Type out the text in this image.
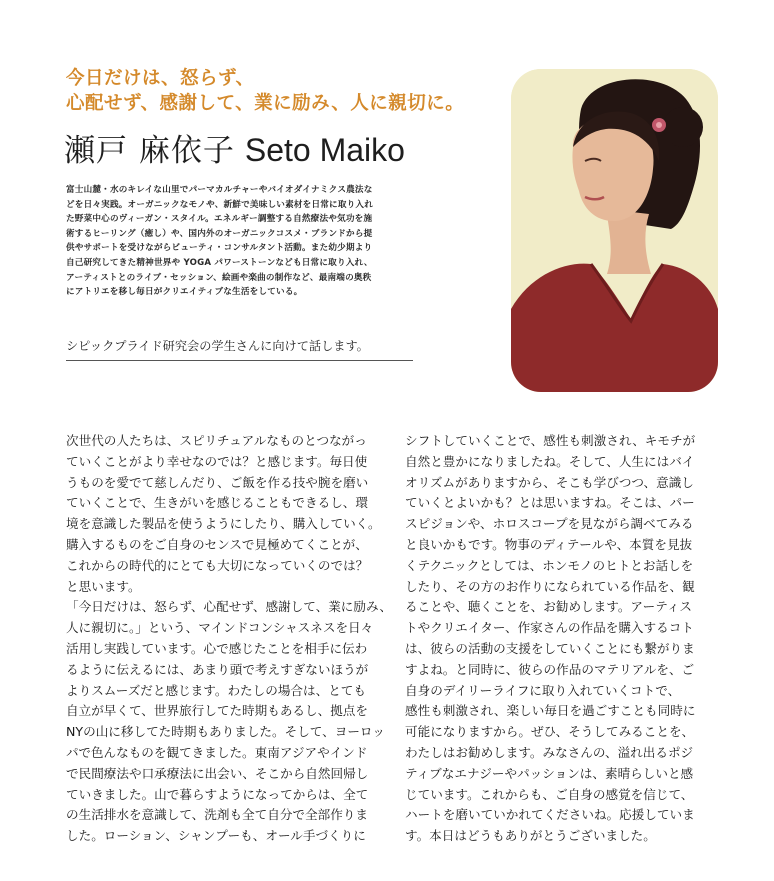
今日だけは、怒らず、
心配せず、感謝して、業に励み、人に親切に。
瀬戸 麻依子 Seto Maiko
富士山麓・水のキレイな山里でパーマカルチャーやバイオダイナミクス農法な
どを日々実践。オーガニックなモノや、新鮮で美味しい素材を日常に取り入れ
た野菜中心のヴィーガン・スタイル。エネルギー調整する自然療法や気功を施
術するヒーリング（癒し）や、国内外のオーガニックコスメ・ブランドから提
供やサポートを受けながらビューティ・コンサルタント活動。また幼少期より
自己研究してきた精神世界や YOGA パワーストーンなども日常に取り入れ、
アーティストとのライブ・セッション、絵画や楽曲の制作など、最南端の奥秩
にアトリエを移し毎日がクリエイティブな生活をしている。
シピックプライド研究会の学生さんに向けて話します。
次世代の人たちは、スピリチュアルなものとつながっ
ていくことがより幸せなのでは？と感じます。毎日使
うものを愛でて慈しんだり、ご飯を作る技や腕を磨い
ていくことで、生きがいを感じることもできるし、環
境を意識した製品を使うようにしたり、購入していく。
購入するものをご自身のセンスで見極めてくことが、
これからの時代的にとても大切になっていくのでは？
と思います。
「今日だけは、怒らず、心配せず、感謝して、業に励み、
人に親切に。」という、マインドコンシャスネスを日々
活用し実践しています。心で感じたことを相手に伝わ
るように伝えるには、あまり頭で考えすぎないほうが
よりスムーズだと感じます。わたしの場合は、とても
自立が早くて、世界旅行してた時期もあるし、拠点を
NYの山に移してた時期もありました。そして、ヨーロッ
パで色んなものを観てきました。東南アジアやインド
で民間療法や口承療法に出会い、そこから自然回帰し
ていきました。山で暮らすようになってからは、全て
の生活排水を意識して、洗剤も全て自分で全部作りま
した。ローション、シャンプーも、オール手づくりに
シフトしていくことで、感性も刺激され、キモチが
自然と豊かになりましたね。そして、人生にはバイ
オリズムがありますから、そこも学びつつ、意識し
ていくとよいかも？とは思いますね。そこは、パー
スピジョンや、ホロスコープを見ながら調べてみる
と良いかもです。物事のディテールや、本質を見抜
くテクニックとしては、ホンモノのヒトとお話しを
したり、その方のお作りになられている作品を、観
ることや、聴くことを、お勧めします。アーティス
トやクリエイター、作家さんの作品を購入するコト
は、彼らの活動の支援をしていくことにも繋がりま
すよね。と同時に、彼らの作品のマテリアルを、ご
自身のデイリーライフに取り入れていくコトで、
感性も刺激され、楽しい毎日を過ごすことも同時に
可能になりますから。ぜひ、そうしてみることを、
わたしはお勧めします。みなさんの、溢れ出るポジ
ティブなエナジーやパッションは、素晴らしいと感
じています。これからも、ご自身の感覚を信じて、
ハートを磨いていかれてくださいね。応援していま
す。本日はどうもありがとうございました。
